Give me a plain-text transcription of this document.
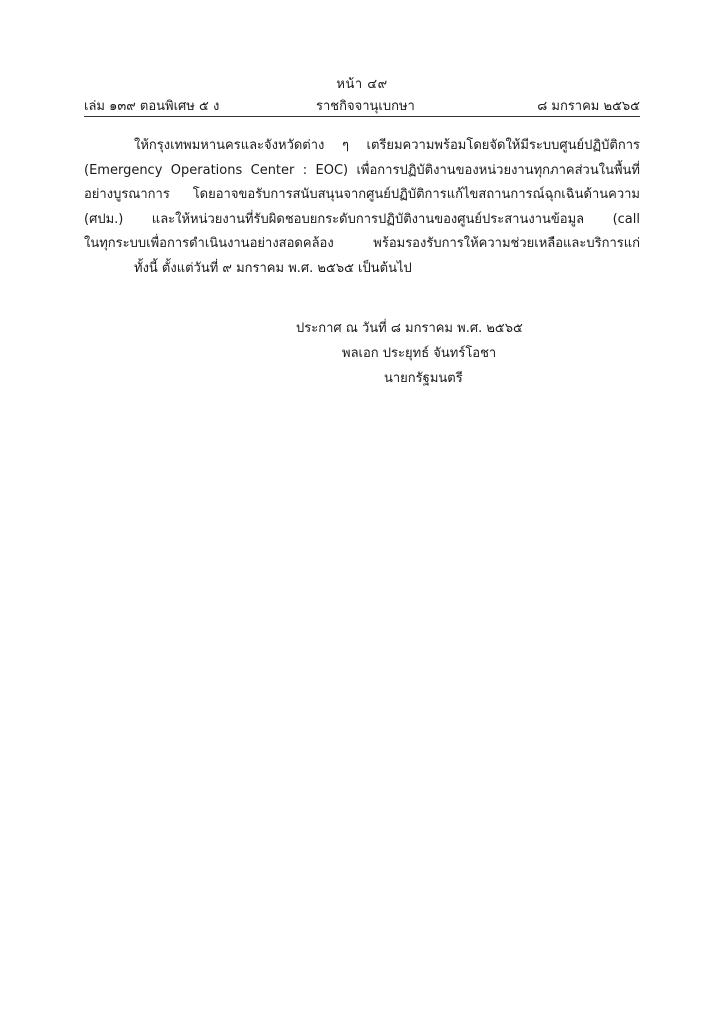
หน้า ๔๙
เล่ม ๑๓๙ ตอนพิเศษ ๕ ง	ราชกิจจานุเบกษา	๘ มกราคม ๒๕๖๕
ให้กรุงเทพมหานครและจังหวัดต่าง ๆ เตรียมความพร้อมโดยจัดให้มีระบบศูนย์ปฏิบัติการ
(Emergency Operations Center : EOC) เพื่อการปฏิบัติงานของหน่วยงานทุกภาคส่วนในพื้นที่
อย่างบูรณาการ โดยอาจขอรับการสนับสนุนจากศูนย์ปฏิบัติการแก้ไขสถานการณ์ฉุกเฉินด้านความ
(ศปม.) และให้หน่วยงานที่รับผิดชอบยกระดับการปฏิบัติงานของศูนย์ประสานงานข้อมูล (call
ในทุกระบบเพื่อการดำเนินงานอย่างสอดคล้อง พร้อมรองรับการให้ความช่วยเหลือและบริการแก่
ทั้งนี้ ตั้งแต่วันที่ ๙ มกราคม พ.ศ. ๒๕๖๕ เป็นต้นไป
ประกาศ ณ วันที่ ๘ มกราคม พ.ศ. ๒๕๖๕
พลเอก ประยุทธ์ จันทร์โอชา
นายกรัฐมนตรี
